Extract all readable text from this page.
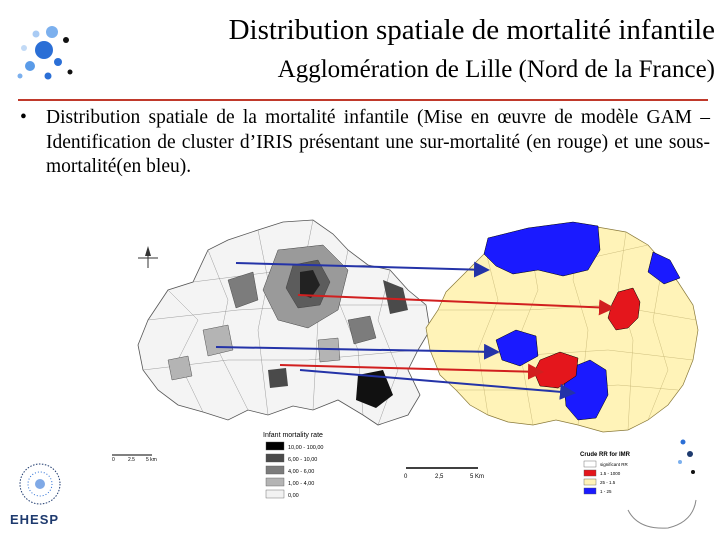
Distribution spatiale de mortalité infantile
Agglomération de Lille (Nord de la France)
• Distribution spatiale de la mortalité infantile (Mise en œuvre de modèle GAM – Identification de cluster d’IRIS présentant une sur-mortalité (en rouge) et une sous-mortalité(en bleu).
Infant mortality rate
10,00 - 100,00
6,00 - 10,00
4,00 - 6,00
1,00 - 4,00
0,00
0	2.5 5 km
Crude RR for IMR
significant RR
1.5 - 1000
25 - 1.5
1 - 25
0	2,5	5 Km
EHESP
